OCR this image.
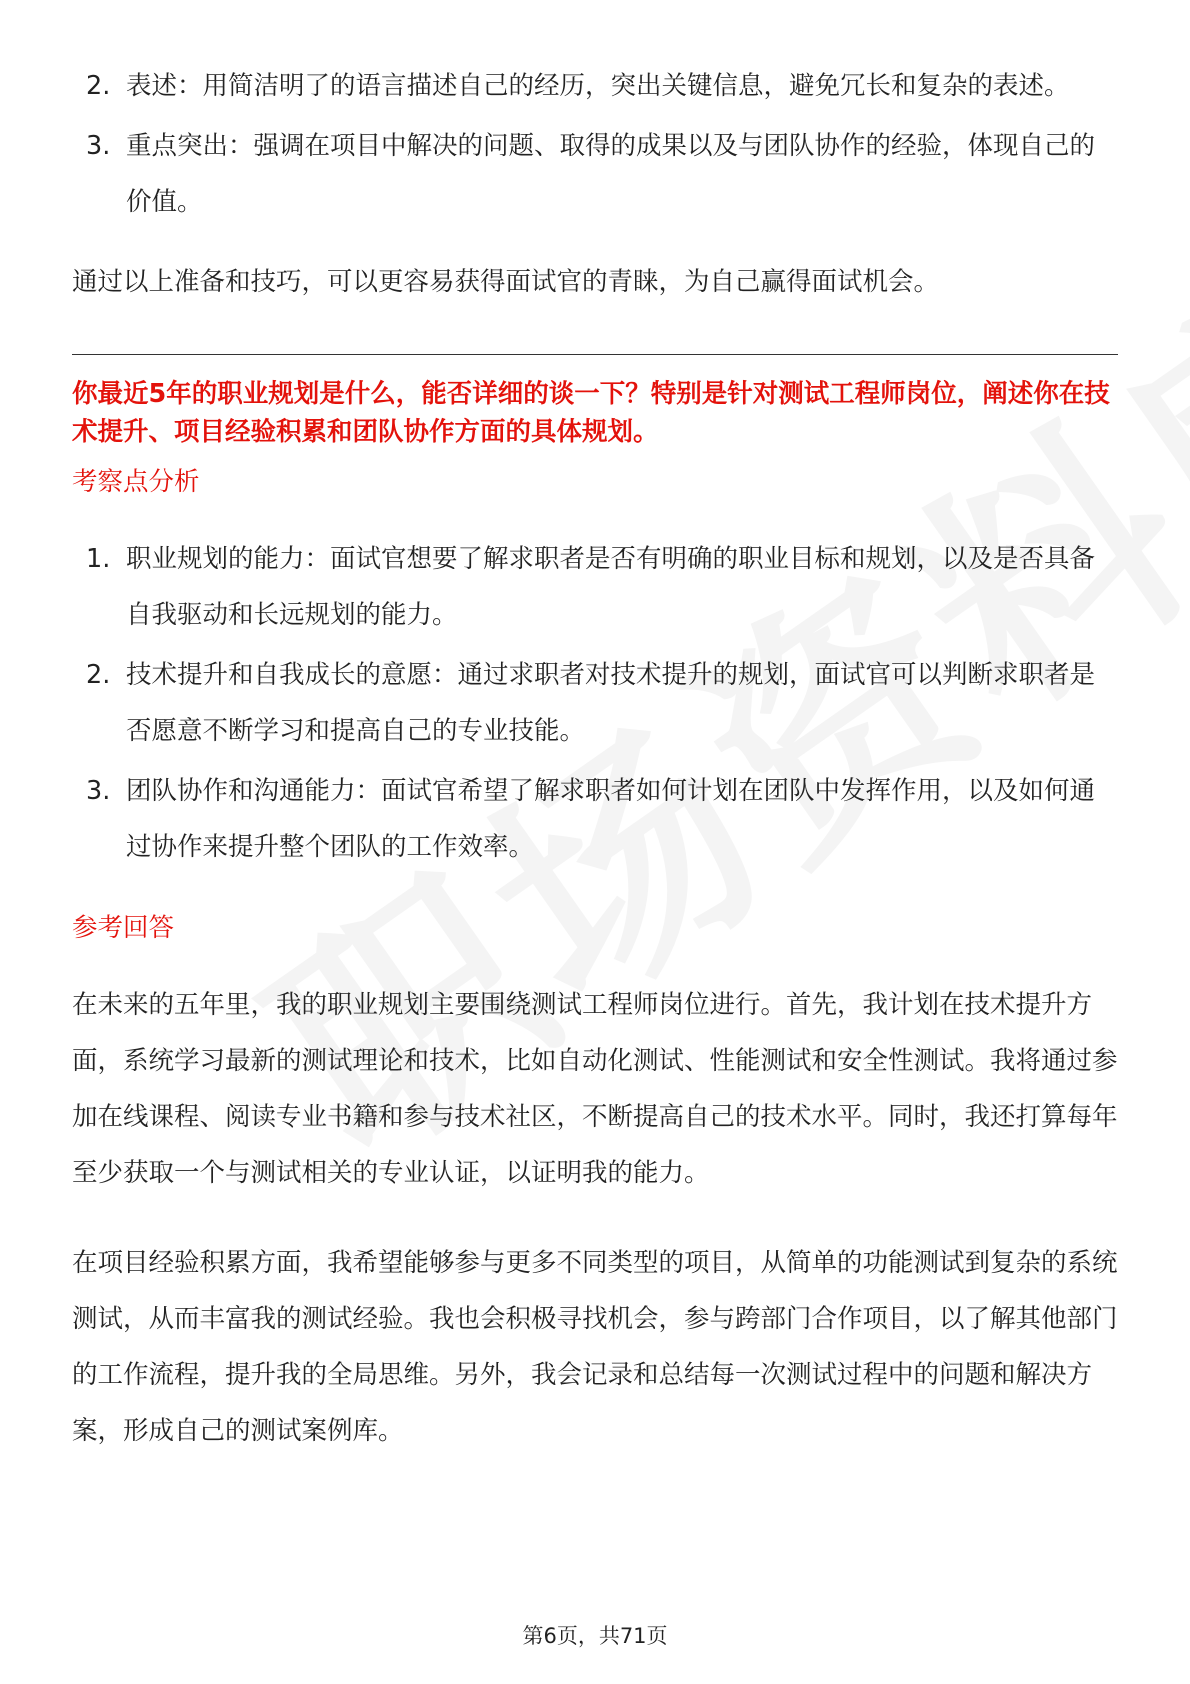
2. 表述：用简洁明了的语言描述自己的经历，突出关键信息，避免冗长和复杂的表述。
3. 重点突出：强调在项目中解决的问题、取得的成果以及与团队协作的经验，体现自己的价值。

通过以上准备和技巧，可以更容易获得面试官的青睐，为自己赢得面试机会。

你最近5年的职业规划是什么，能否详细的谈一下？特别是针对测试工程师岗位，阐述你在技术提升、项目经验积累和团队协作方面的具体规划。

考察点分析

1. 职业规划的能力：面试官想要了解求职者是否有明确的职业目标和规划，以及是否具备自我驱动和长远规划的能力。
2. 技术提升和自我成长的意愿：通过求职者对技术提升的规划，面试官可以判断求职者是否愿意不断学习和提高自己的专业技能。
3. 团队协作和沟通能力：面试官希望了解求职者如何计划在团队中发挥作用，以及如何通过协作来提升整个团队的工作效率。

参考回答

在未来的五年里，我的职业规划主要围绕测试工程师岗位进行。首先，我计划在技术提升方面，系统学习最新的测试理论和技术，比如自动化测试、性能测试和安全性测试。我将通过参加在线课程、阅读专业书籍和参与技术社区，不断提高自己的技术水平。同时，我还打算每年至少获取一个与测试相关的专业认证，以证明我的能力。

在项目经验积累方面，我希望能够参与更多不同类型的项目，从简单的功能测试到复杂的系统测试，从而丰富我的测试经验。我也会积极寻找机会，参与跨部门合作项目，以了解其他部门的工作流程，提升我的全局思维。另外，我会记录和总结每一次测试过程中的问题和解决方案，形成自己的测试案例库。

第6页，共71页
